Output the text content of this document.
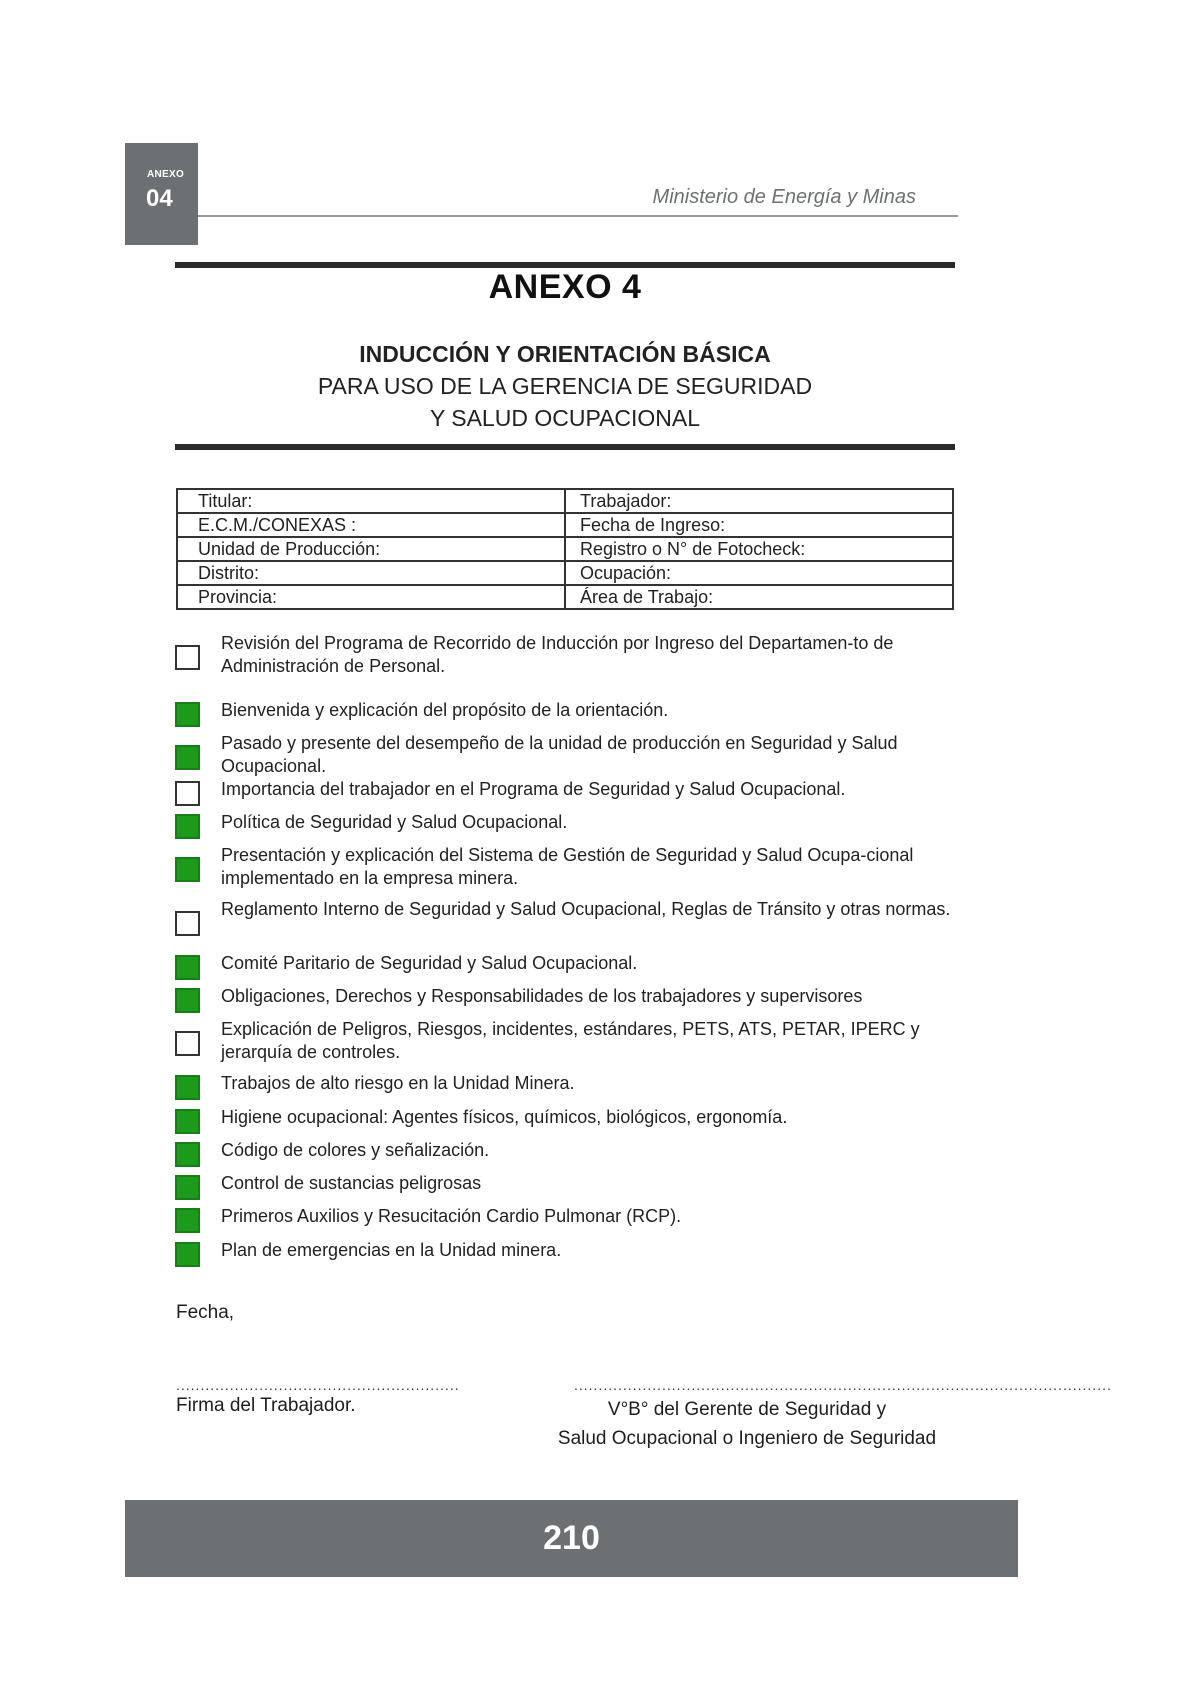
ANEXO
04	Ministerio de Energía y Minas
ANEXO 4
INDUCCIÓN Y ORIENTACIÓN BÁSICA
PARA USO DE LA GERENCIA DE SEGURIDAD
Y SALUD OCUPACIONAL
Titular:	Trabajador:
E.C.M./CONEXAS :	Fecha de Ingreso:
Unidad de Producción:	Registro o N° de Fotocheck:
Distrito:	Ocupación:
Provincia:	Área de Trabajo:
Revisión del Programa de Recorrido de Inducción por Ingreso del Departamen-to de Administración de Personal.
Bienvenida y explicación del propósito de la orientación.
Pasado y presente del desempeño de la unidad de producción en Seguridad y Salud Ocupacional.
Importancia del trabajador en el Programa de Seguridad y Salud Ocupacional.
Política de Seguridad y Salud Ocupacional.
Presentación y explicación del Sistema de Gestión de Seguridad y Salud Ocupa-cional implementado en la empresa minera.
Reglamento Interno de Seguridad y Salud Ocupacional, Reglas de Tránsito y otras normas.
Comité Paritario de Seguridad y Salud Ocupacional.
Obligaciones, Derechos y Responsabilidades de los trabajadores y supervisores
Explicación de Peligros, Riesgos, incidentes, estándares, PETS, ATS, PETAR, IPERC y jerarquía de controles.
Trabajos de alto riesgo en la Unidad Minera.
Higiene ocupacional: Agentes físicos, químicos, biológicos, ergonomía.
Código de colores y señalización.
Control de sustancias peligrosas
Primeros Auxilios y Resucitación Cardio Pulmonar (RCP).
Plan de emergencias en la Unidad minera.
Fecha,
..........................................................	..............................................................................................................
Firma del Trabajador.	V°B° del Gerente de Seguridad y
Salud Ocupacional o Ingeniero de Seguridad
210
